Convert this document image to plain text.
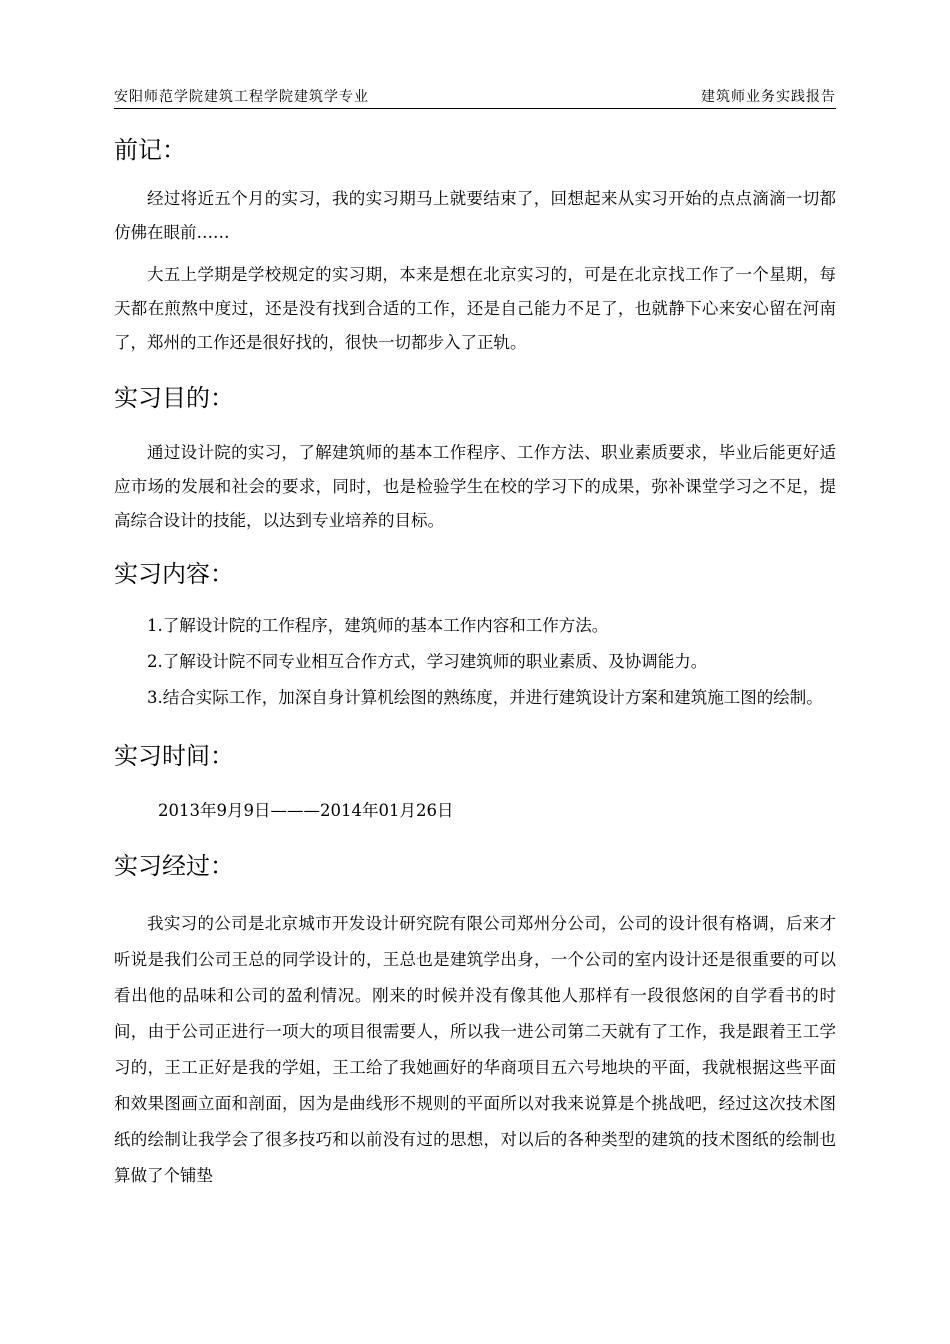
安阳师范学院建筑工程学院建筑学专业	建筑师业务实践报告
前记：

经过将近五个月的实习，我的实习期马上就要结束了，回想起来从实习开始的点点滴滴一切都仿佛在眼前……

大五上学期是学校规定的实习期，本来是想在北京实习的，可是在北京找工作了一个星期，每天都在煎熬中度过，还是没有找到合适的工作，还是自己能力不足了，也就静下心来安心留在河南了，郑州的工作还是很好找的，很快一切都步入了正轨。

实习目的：

通过设计院的实习，了解建筑师的基本工作程序、工作方法、职业素质要求，毕业后能更好适应市场的发展和社会的要求，同时，也是检验学生在校的学习下的成果，弥补课堂学习之不足，提高综合设计的技能，以达到专业培养的目标。

实习内容：

1.了解设计院的工作程序，建筑师的基本工作内容和工作方法。

2.了解设计院不同专业相互合作方式，学习建筑师的职业素质、及协调能力。

3.结合实际工作，加深自身计算机绘图的熟练度，并进行建筑设计方案和建筑施工图的绘制。

实习时间：

2013年9月9日———2014年01月26日

实习经过：

我实习的公司是北京城市开发设计研究院有限公司郑州分公司，公司的设计很有格调，后来才听说是我们公司王总的同学设计的，王总也是建筑学出身，一个公司的室内设计还是很重要的可以看出他的品味和公司的盈利情况。刚来的时候并没有像其他人那样有一段很悠闲的自学看书的时间，由于公司正进行一项大的项目很需要人，所以我一进公司第二天就有了工作，我是跟着王工学习的，王工正好是我的学姐，王工给了我她画好的华商项目五六号地块的平面，我就根据这些平面和效果图画立面和剖面，因为是曲线形不规则的平面所以对我来说算是个挑战吧，经过这次技术图纸的绘制让我学会了很多技巧和以前没有过的思想，对以后的各种类型的建筑的技术图纸的绘制也算做了个铺垫
